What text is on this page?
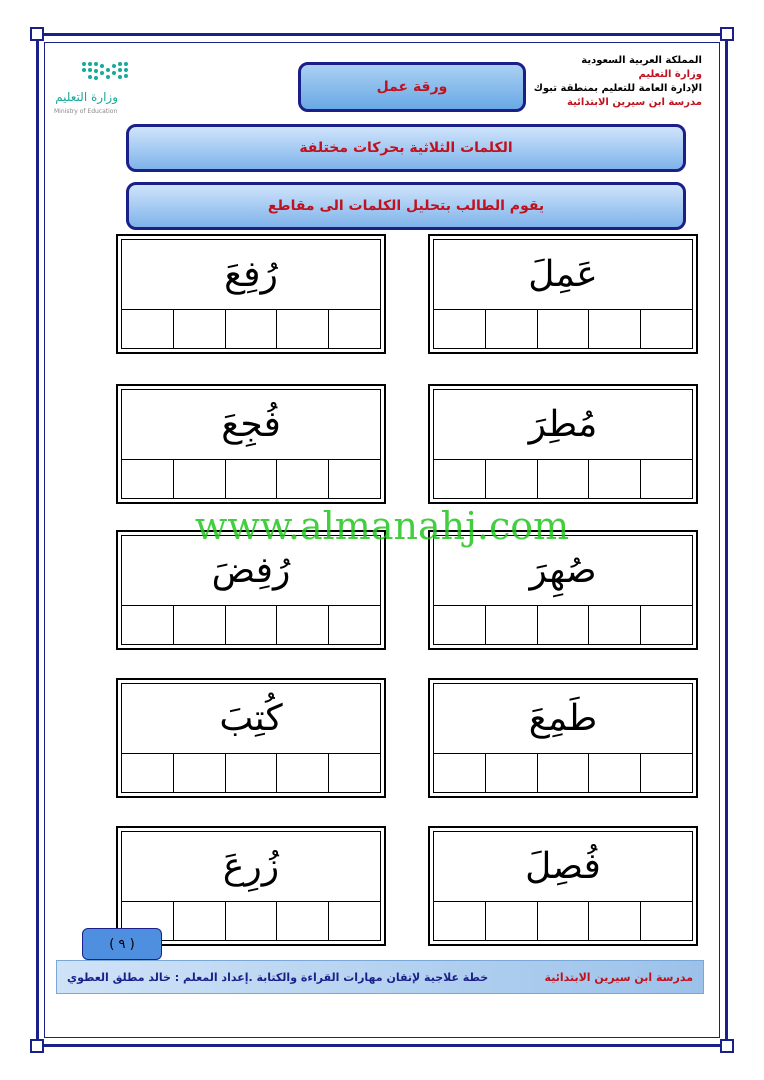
وزارة التعليم
Ministry of Education
المملكة العربية السعودية
وزارة التعليم
الإدارة العامة للتعليم بمنطقة تبوك
مدرسة ابن سيرين الابتدائية
ورقة عمل
الكلمات الثلاثية بحركات مختلفة
يقوم الطالب بتحليل الكلمات الى مقاطع
عَمِلَ
رُفِعَ
مُطِرَ
فُجِعَ
صُهِرَ
رُفِضَ
طَمِعَ
كُتِبَ
فُصِلَ
زُرِعَ
www.almanahj.com
( ٩ )
مدرسة ابن سيرين الابتدائية
خطة علاجية لإتقان مهارات القراءة والكتابة .إعداد المعلم : خالد مطلق العطوي
